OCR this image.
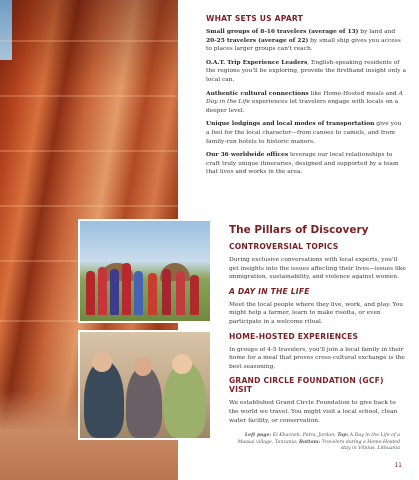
WHAT SETS US APART

Small groups of 8-16 travelers (average of 13) by land and 20-25 travelers (average of 22) by small ship gives you access to places larger groups can't reach.

O.A.T. Trip Experience Leaders, English-speaking residents of the regions you'll be exploring, provide the firsthand insight only a local can.

Authentic cultural connections like Home-Hosted meals and A Day in the Life experiences let travelers engage with locals on a deeper level.

Unique lodgings and local modes of transportation give you a feel for the local character—from canoes to camels, and from family-run hotels to historic manors.

Our 36 worldwide offices leverage our local relationships to craft truly unique itineraries, designed and supported by a team that lives and works in the area.

The Pillars of Discovery
CONTROVERSIAL TOPICS

During exclusive conversations with local experts, you'll get insights into the issues affecting their lives—issues like immigration, sustainability, and violence against women.

A DAY IN THE LIFE

Meet the local people where they live, work, and play. You might help a farmer, learn to make risotta, or even participate in a welcome ritual.

HOME-HOSTED EXPERIENCES

In groups of 4-5 travelers, you'll join a local family in their home for a meal that proves cross-cultural exchange is the best seasoning.

GRAND CIRCLE FOUNDATION (GCF) VISIT

We established Grand Circle Foundation to give back to the world we travel. You might visit a local school, clean water facility, or conservation.

Left page: El Khazneh, Petra, Jordan; Top: A Day in the Life of a Maasai village, Tanzania; Bottom: Travelers during a Home-Hosted stay in Vilnius, Lithuania
11
